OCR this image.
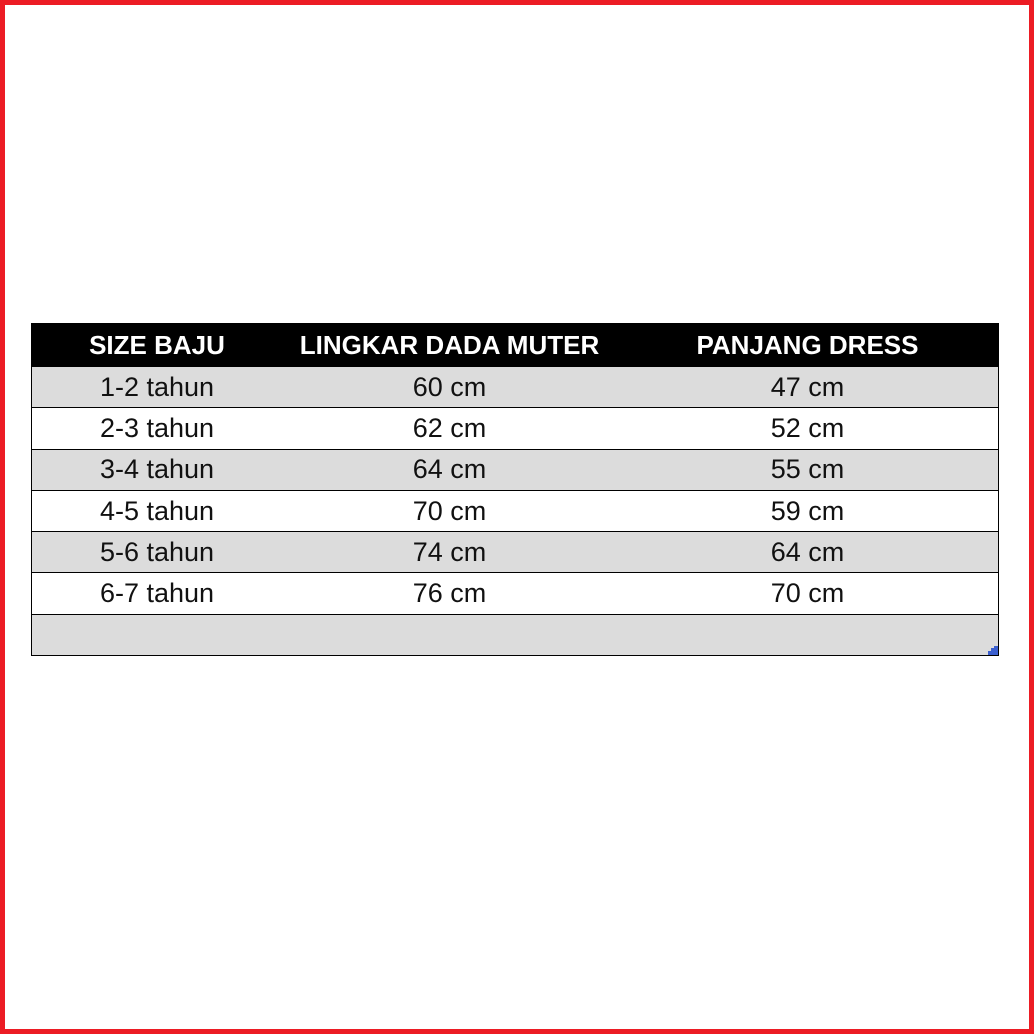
SIZE BAJU	LINGKAR DADA MUTER	PANJANG DRESS
1-2 tahun	60 cm	47 cm
2-3 tahun	62 cm	52 cm
3-4 tahun	64 cm	55 cm
4-5 tahun	70 cm	59 cm
5-6 tahun	74 cm	64 cm
6-7 tahun	76 cm	70 cm
